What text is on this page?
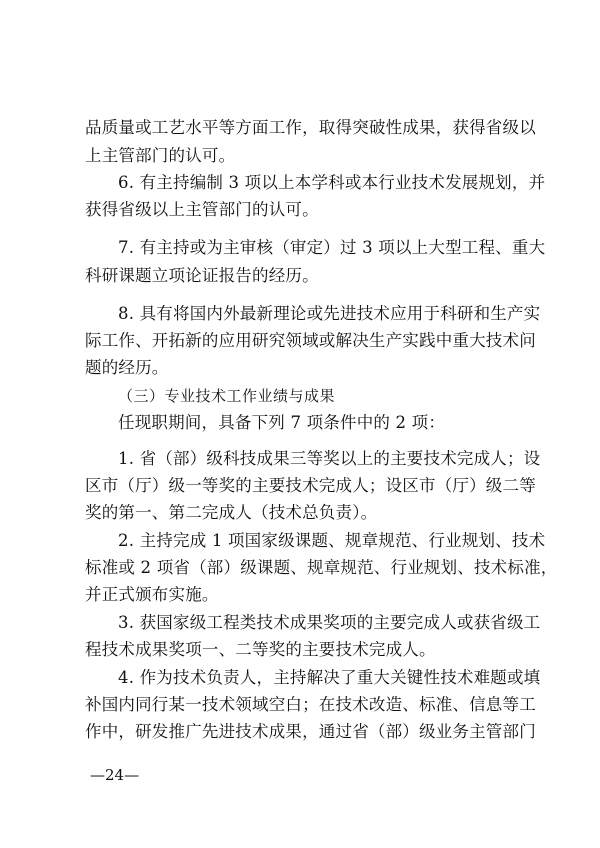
品质量或工艺水平等方面工作，取得突破性成果，获得省级以
上主管部门的认可。
6. 有主持编制 3 项以上本学科或本行业技术发展规划，并
获得省级以上主管部门的认可。
7. 有主持或为主审核（审定）过 3 项以上大型工程、重大
科研课题立项论证报告的经历。
8. 具有将国内外最新理论或先进技术应用于科研和生产实
际工作、开拓新的应用研究领域或解决生产实践中重大技术问
题的经历。
（三）专业技术工作业绩与成果
任现职期间，具备下列 7 项条件中的 2 项：
1. 省（部）级科技成果三等奖以上的主要技术完成人；设
区市（厅）级一等奖的主要技术完成人；设区市（厅）级二等
奖的第一、第二完成人（技术总负责）。
2. 主持完成 1 项国家级课题、规章规范、行业规划、技术
标准或 2 项省（部）级课题、规章规范、行业规划、技术标准，
并正式颁布实施。
3. 获国家级工程类技术成果奖项的主要完成人或获省级工
程技术成果奖项一、二等奖的主要技术完成人。
4. 作为技术负责人，主持解决了重大关键性技术难题或填
补国内同行某一技术领域空白；在技术改造、标准、信息等工
作中，研发推广先进技术成果，通过省（部）级业务主管部门
—24—
